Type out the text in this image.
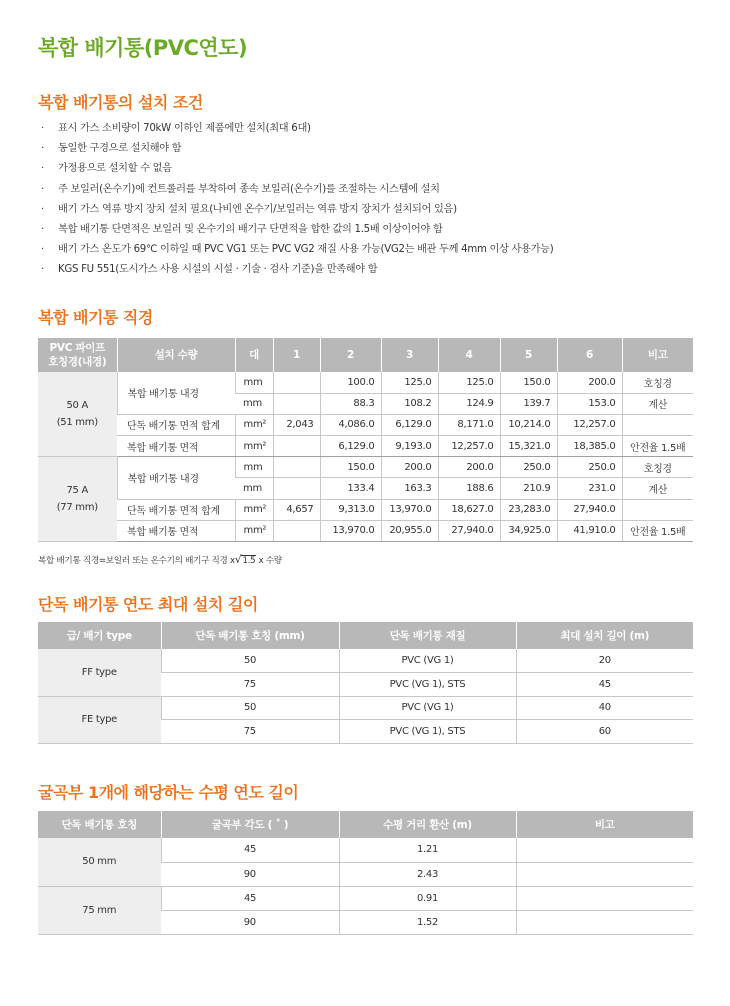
복합 배기통(PVC연도)
복합 배기통의 설치 조건
· 표시 가스 소비량이 70kW 이하인 제품에만 설치(최대 6대)
· 동일한 구경으로 설치해야 함
· 가정용으로 설치할 수 없음
· 주 보일러(온수기)에 컨트롤러를 부착하여 종속 보일러(온수기)를 조절하는 시스템에 설치
· 배기 가스 역류 방지 장치 설치 필요(나비엔 온수기/보일러는 역류 방지 장치가 설치되어 있음)
· 복합 배기통 단면적은 보일러 및 온수기의 배기구 단면적을 합한 값의 1.5배 이상이어야 함
· 배기 가스 온도가 69℃ 이하일 때 PVC VG1 또는 PVC VG2 재질 사용 가능(VG2는 배관 두께 4mm 이상 사용가능)
· KGS FU 551(도시가스 사용 시설의 시설 · 기술 · 검사 기준)을 만족해야 함
복합 배기통 직경
PVC 파이프
호칭경(내경)	설치 수량	대	1	2	3	4	5	6	비고
50 A
(51 mm)	복합 배기통 내경	mm		100.0	125.0	125.0	150.0	200.0	호칭경
		mm		88.3	108.2	124.9	139.7	153.0	계산
	단독 배기통 면적 합계	mm²	2,043	4,086.0	6,129.0	8,171.0	10,214.0	12,257.0	
	복합 배기통 면적	mm²		6,129.0	9,193.0	12,257.0	15,321.0	18,385.0	안전율 1.5배
75 A
(77 mm)	복합 배기통 내경	mm		150.0	200.0	200.0	250.0	250.0	호칭경
		mm		133.4	163.3	188.6	210.9	231.0	계산
	단독 배기통 면적 합계	mm²	4,657	9,313.0	13,970.0	18,627.0	23,283.0	27,940.0	
	복합 배기통 면적	mm²		13,970.0	20,955.0	27,940.0	34,925.0	41,910.0	안전율 1.5배
복합 배기통 직경=보일러 또는 온수기의 배기구 직경 x√1.5 x 수량
단독 배기통 연도 최대 설치 길이
급/ 배기 type	단독 배기통 호칭 (mm)	단독 배기통 재질	최대 설치 길이 (m)
FF type	50	PVC (VG 1)	20
	75	PVC (VG 1), STS	45
FE type	50	PVC (VG 1)	40
	75	PVC (VG 1), STS	60
굴곡부 1개에 해당하는 수평 연도 길이
단독 배기통 호칭	굴곡부 각도 ( ˚ )	수평 거리 환산 (m)	비고
50 mm	45	1.21	
	90	2.43	
75 mm	45	0.91	
	90	1.52	
